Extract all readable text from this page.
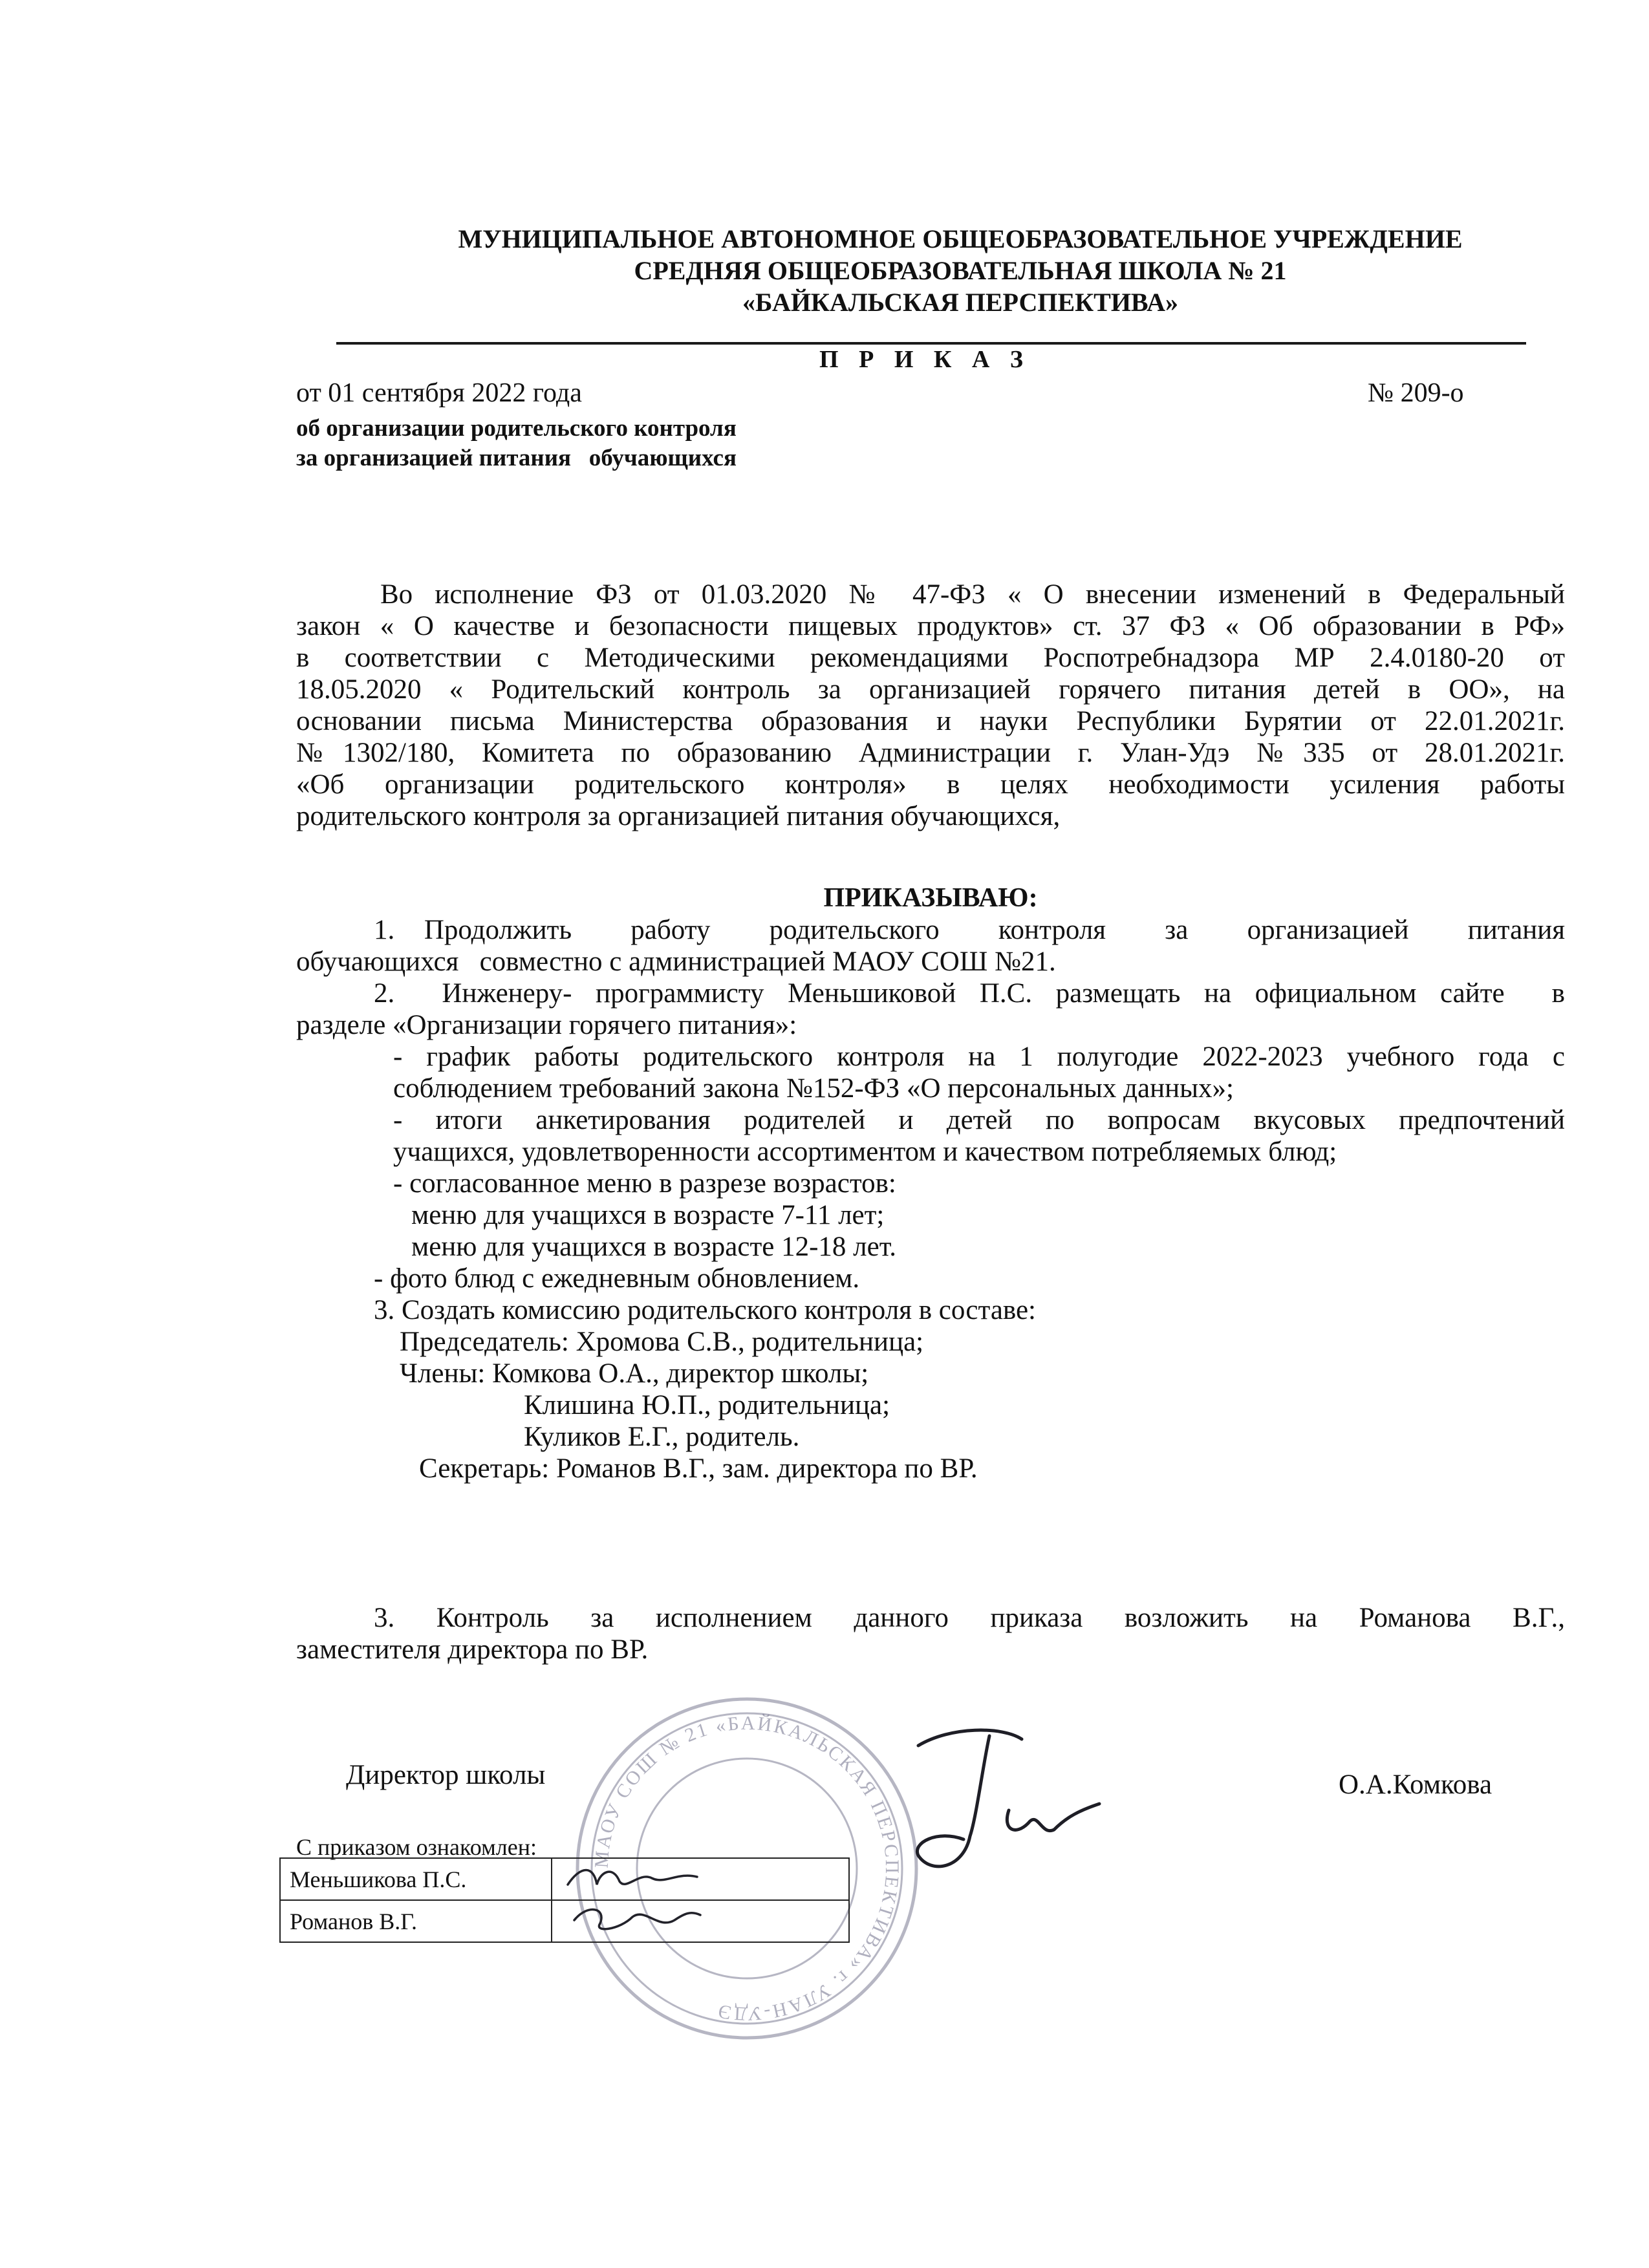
МУНИЦИПАЛЬНОЕ АВТОНОМНОЕ ОБЩЕОБРАЗОВАТЕЛЬНОЕ УЧРЕЖДЕНИЕ
СРЕДНЯЯ ОБЩЕОБРАЗОВАТЕЛЬНАЯ ШКОЛА № 21
«БАЙКАЛЬСКАЯ ПЕРСПЕКТИВА»
П Р И К А З
от 01 сентября 2022 года	№ 209-о
об организации родительского контроля
за организацией питания   обучающихся
Во исполнение ФЗ от 01.03.2020 № 47-ФЗ « О внесении изменений в Федеральный
закон « О качестве и безопасности пищевых продуктов» ст. 37 ФЗ « Об образовании в РФ»
в соответствии с Методическими рекомендациями Роспотребнадзора МР 2.4.0180-20 от
18.05.2020 « Родительский контроль за организацией горячего питания детей в ОО», на
основании письма Министерства образования и науки Республики Бурятии от 22.01.2021г.
№1302/180, Комитета по образованию Администрации г. Улан-Удэ №335 от 28.01.2021г.
«Об организации родительского контроля» в целях необходимости усиления работы
родительского контроля за организацией питания обучающихся,
ПРИКАЗЫВАЮ:
1. Продолжить  работу  родительского  контроля  за  организацией  питания
обучающихся   совместно с администрацией МАОУ СОШ №21.
2.  Инженеру- программисту Меньшиковой П.С. размещать на официальном сайте  в
разделе «Организации горячего питания»:
- график работы родительского контроля на 1 полугодие 2022-2023 учебного года с
соблюдением требований закона №152-ФЗ «О персональных данных»;
- итоги анкетирования родителей и детей по вопросам вкусовых предпочтений
учащихся, удовлетворенности ассортиментом и качеством потребляемых блюд;
- согласованное меню в разрезе возрастов:
меню для учащихся в возрасте 7-11 лет;
меню для учащихся в возрасте 12-18 лет.
- фото блюд с ежедневным обновлением.
3. Создать комиссию родительского контроля в составе:
Председатель: Хромова С.В., родительница;
Члены: Комкова О.А., директор школы;
Клишина Ю.П., родительница;
Куликов Е.Г., родитель.
Секретарь: Романов В.Г., зам. директора по ВР.
3.  Контроль  за  исполнением  данного  приказа  возложить  на  Романова  В.Г.,
заместителя директора по ВР.
Директор школы	О.А.Комкова
МАОУ СОШ № 21 «БАЙКАЛЬСКАЯ ПЕРСПЕКТИВА» г. УЛАН-УДЭ
С приказом ознакомлен:
Меньшикова П.С.	
Романов В.Г.	
